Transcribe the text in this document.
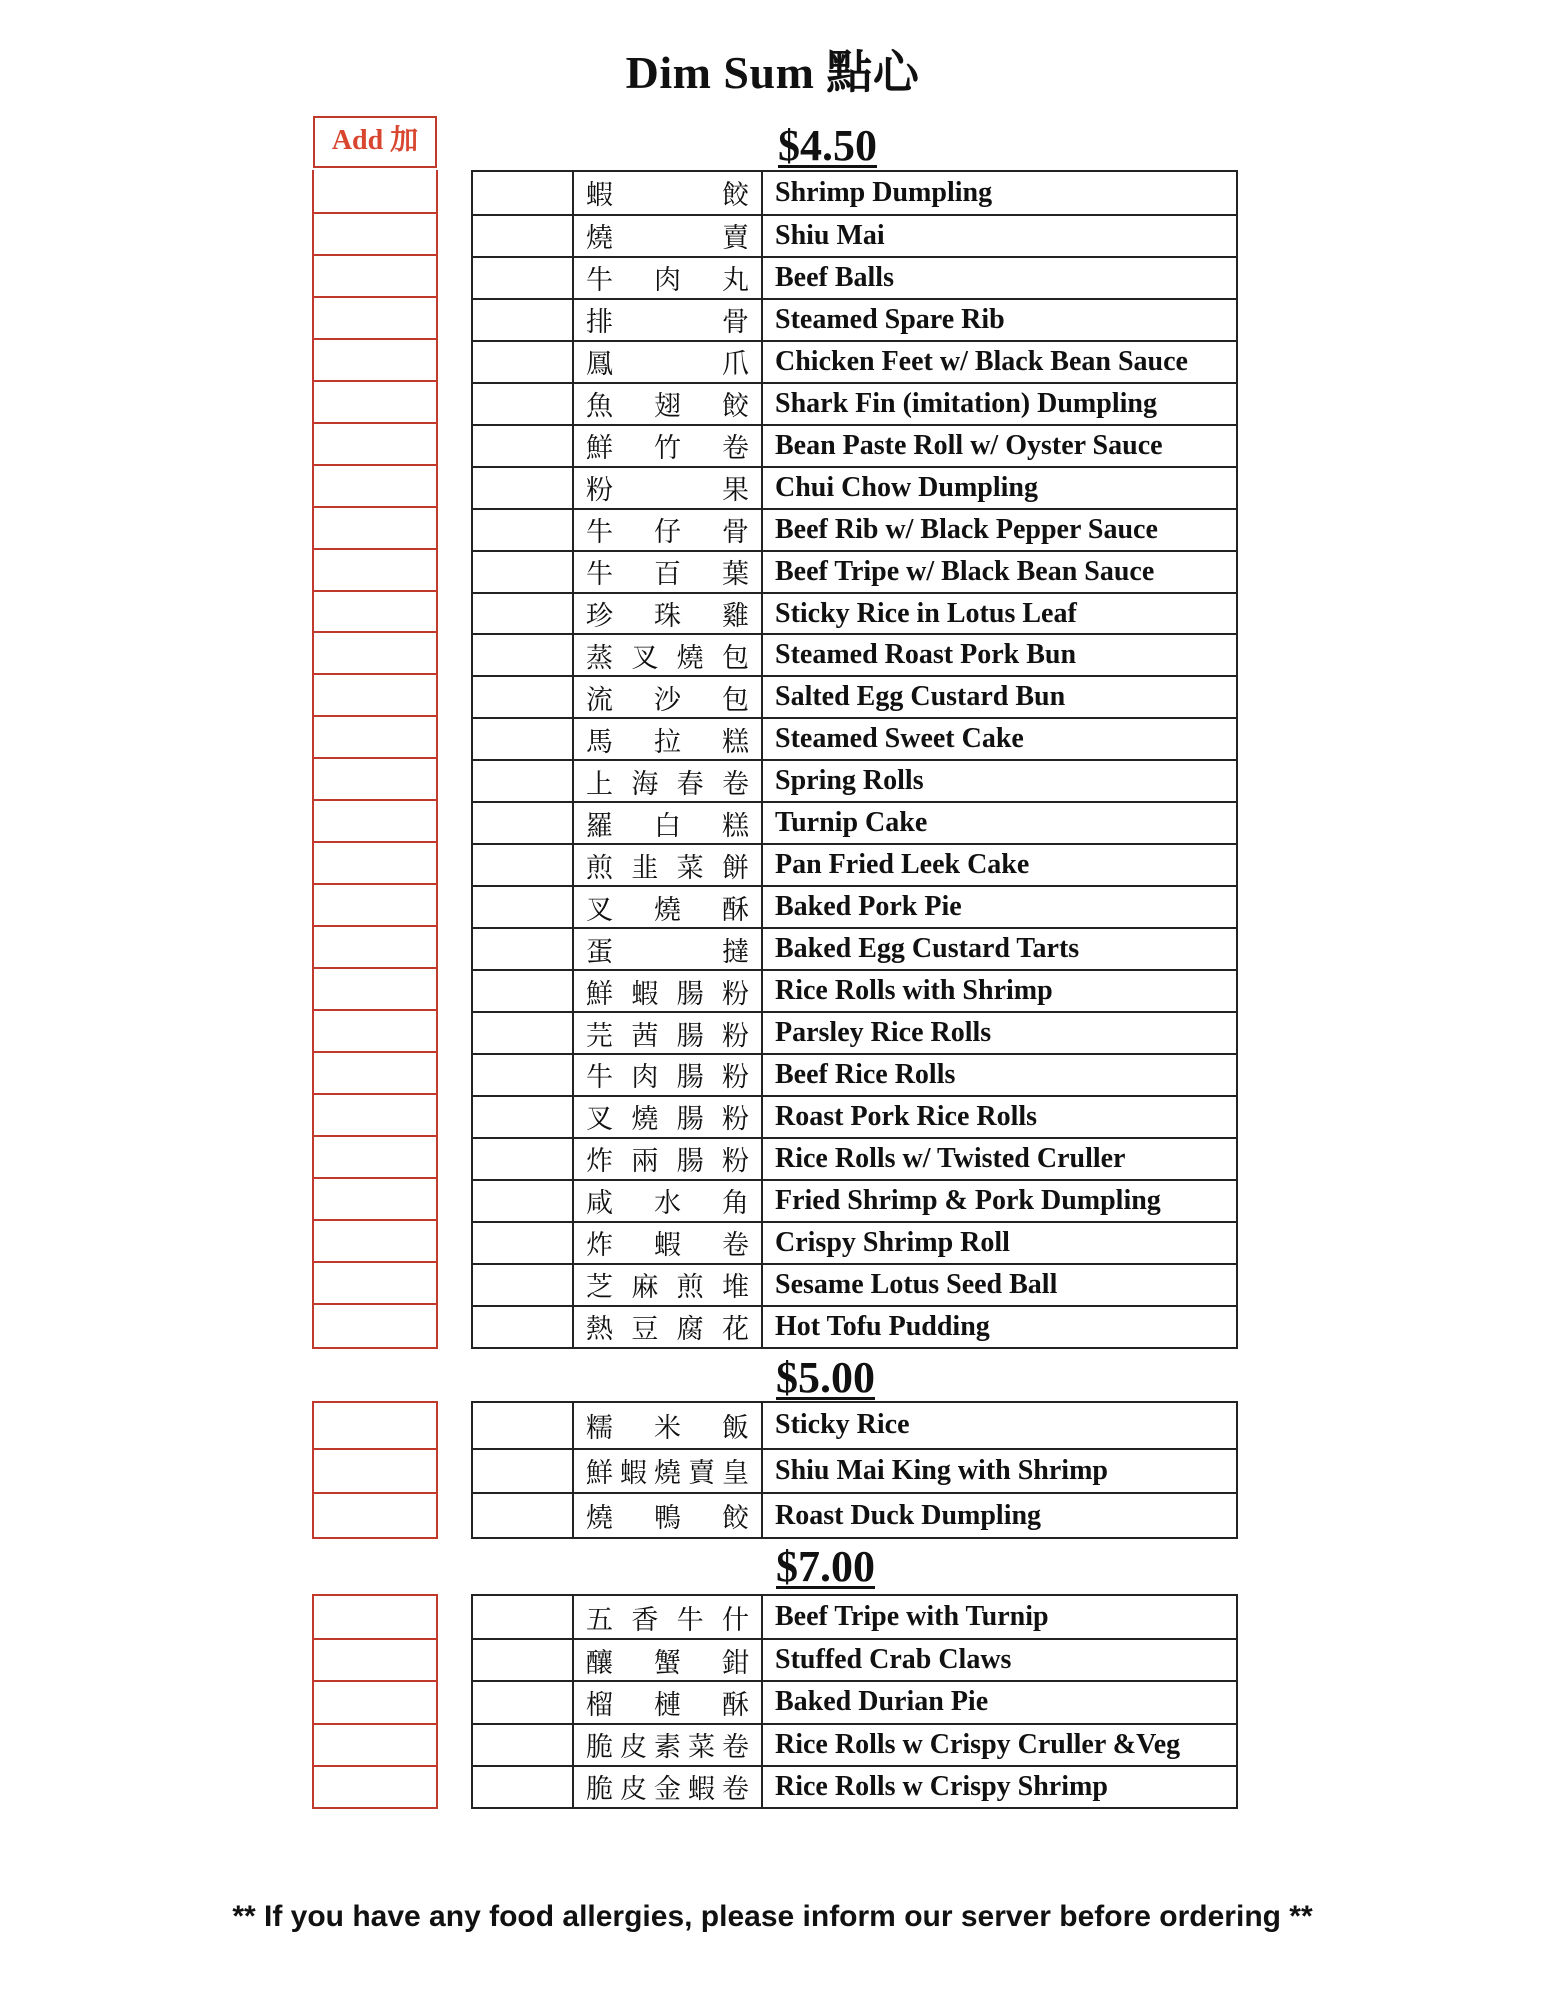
Dim Sum 點心
Add 加	$4.50
蝦 餃 Shrimp Dumpling
燒 賣 Shiu Mai
牛 肉 丸 Beef Balls
排 骨 Steamed Spare Rib
鳳 爪 Chicken Feet w/ Black Bean Sauce
魚 翅 餃 Shark Fin (imitation) Dumpling
鮮 竹 卷 Bean Paste Roll w/ Oyster Sauce
粉 果 Chui Chow Dumpling
牛 仔 骨 Beef Rib w/ Black Pepper Sauce
牛 百 葉 Beef Tripe w/ Black Bean Sauce
珍 珠 雞 Sticky Rice in Lotus Leaf
蒸 叉 燒 包 Steamed Roast Pork Bun
流 沙 包 Salted Egg Custard Bun
馬 拉 糕 Steamed Sweet Cake
上 海 春 卷 Spring Rolls
羅 白 糕 Turnip Cake
煎 韭 菜 餅 Pan Fried Leek Cake
叉 燒 酥 Baked Pork Pie
蛋 撻 Baked Egg Custard Tarts
鮮 蝦 腸 粉 Rice Rolls with Shrimp
芫 茜 腸 粉 Parsley Rice Rolls
牛 肉 腸 粉 Beef Rice Rolls
叉 燒 腸 粉 Roast Pork Rice Rolls
炸 兩 腸 粉 Rice Rolls w/ Twisted Cruller
咸 水 角 Fried Shrimp & Pork Dumpling
炸 蝦 卷 Crispy Shrimp Roll
芝 麻 煎 堆 Sesame Lotus Seed Ball
熱 豆 腐 花 Hot Tofu Pudding
$5.00
糯 米 飯 Sticky Rice
鮮蝦燒賣皇 Shiu Mai King with Shrimp
燒 鴨 餃 Roast Duck Dumpling
$7.00
五 香 牛 什 Beef Tripe with Turnip
釀 蟹 鉗 Stuffed Crab Claws
榴 槤 酥 Baked Durian Pie
脆皮素菜卷 Rice Rolls w Crispy Cruller &Veg
脆皮金蝦卷 Rice Rolls w Crispy Shrimp
** If you have any food allergies, please inform our server before ordering **
